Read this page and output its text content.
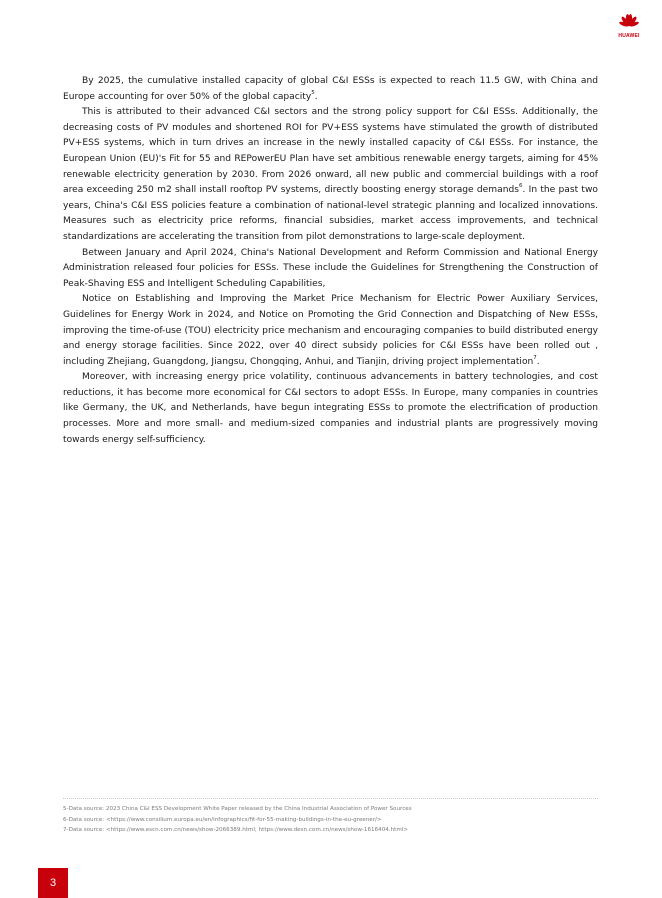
HUAWEI

By 2025, the cumulative installed capacity of global C&I ESSs is expected to reach 11.5 GW, with China and Europe accounting for over 50% of the global capacity$^5$.

This is attributed to their advanced C&I sectors and the strong policy support for C&I ESSs. Additionally, the decreasing costs of PV modules and shortened ROI for PV+ESS systems have stimulated the growth of distributed PV+ESS systems, which in turn drives an increase in the newly installed capacity of C&I ESSs. For instance, the European Union (EU)'s Fit for 55 and REPowerEU Plan have set ambitious renewable energy targets, aiming for 45% renewable electricity generation by 2030. From 2026 onward, all new public and commercial buildings with a roof area exceeding 250 m2 shall install rooftop PV systems, directly boosting energy storage demands$^6$. In the past two years, China's C&I ESS policies feature a combination of national-level strategic planning and localized innovations. Measures such as electricity price reforms, financial subsidies, market access improvements, and technical standardizations are accelerating the transition from pilot demonstrations to large-scale deployment.

Between January and April 2024, China's National Development and Reform Commission and National Energy Administration released four policies for ESSs. These include the Guidelines for Strengthening the Construction of Peak-Shaving ESS and Intelligent Scheduling Capabilities,

Notice on Establishing and Improving the Market Price Mechanism for Electric Power Auxiliary Services, Guidelines for Energy Work in 2024, and Notice on Promoting the Grid Connection and Dispatching of New ESSs, improving the time-of-use (TOU) electricity price mechanism and encouraging companies to build distributed energy and energy storage facilities. Since 2022, over 40 direct subsidy policies for C&I ESSs have been rolled out , including Zhejiang, Guangdong, Jiangsu, Chongqing, Anhui, and Tianjin, driving project implementation$^7$.

Moreover, with increasing energy price volatility, continuous advancements in battery technologies, and cost reductions, it has become more economical for C&I sectors to adopt ESSs. In Europe, many companies in countries like Germany, the UK, and Netherlands, have begun integrating ESSs to promote the electrification of production processes. More and more small- and medium-sized companies and industrial plants are progressively moving towards energy self-sufficiency.

5-Data source: 2023 China C&I ESS Development White Paper released by the China Industrial Association of Power Sources
6-Data source: <https://www.consilium.europa.eu/en/infographics/fit-for-55-making-buildings-in-the-eu-greener/>
7-Data source: <https://www.escn.com.cn/news/show-2066389.html; https://www.desn.com.cn/news/show-1616404.html>
3
